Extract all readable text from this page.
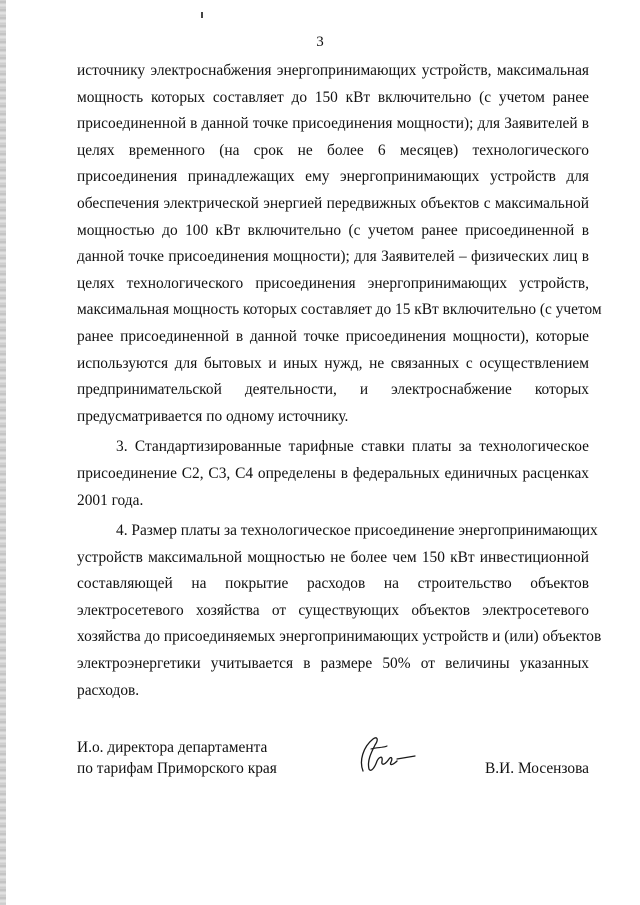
3
источнику электроснабжения энергопринимающих устройств, максимальная
мощность которых составляет до 150 кВт включительно (с учетом ранее
присоединенной в данной точке присоединения мощности); для Заявителей в
целях временного (на срок не более 6 месяцев) технологического
присоединения принадлежащих ему энергопринимающих устройств для
обеспечения электрической энергией передвижных объектов с максимальной
мощностью до 100 кВт включительно (с учетом ранее присоединенной в
данной точке присоединения мощности); для Заявителей – физических лиц в
целях технологического присоединения энергопринимающих устройств,
максимальная мощность которых составляет до 15 кВт включительно (с учетом
ранее присоединенной в данной точке присоединения мощности), которые
используются для бытовых и иных нужд, не связанных с осуществлением
предпринимательской деятельности, и электроснабжение которых
предусматривается по одному источнику.
3. Стандартизированные тарифные ставки платы за технологическое
присоединение С2, С3, С4 определены в федеральных единичных расценках
2001 года.
4. Размер платы за технологическое присоединение энергопринимающих
устройств максимальной мощностью не более чем 150 кВт инвестиционной
составляющей на покрытие расходов на строительство объектов
электросетевого хозяйства от существующих объектов электросетевого
хозяйства до присоединяемых энергопринимающих устройств и (или) объектов
электроэнергетики учитывается в размере 50% от величины указанных
расходов.
И.о. директора департамента
по тарифам Приморского края	В.И. Мосензова
